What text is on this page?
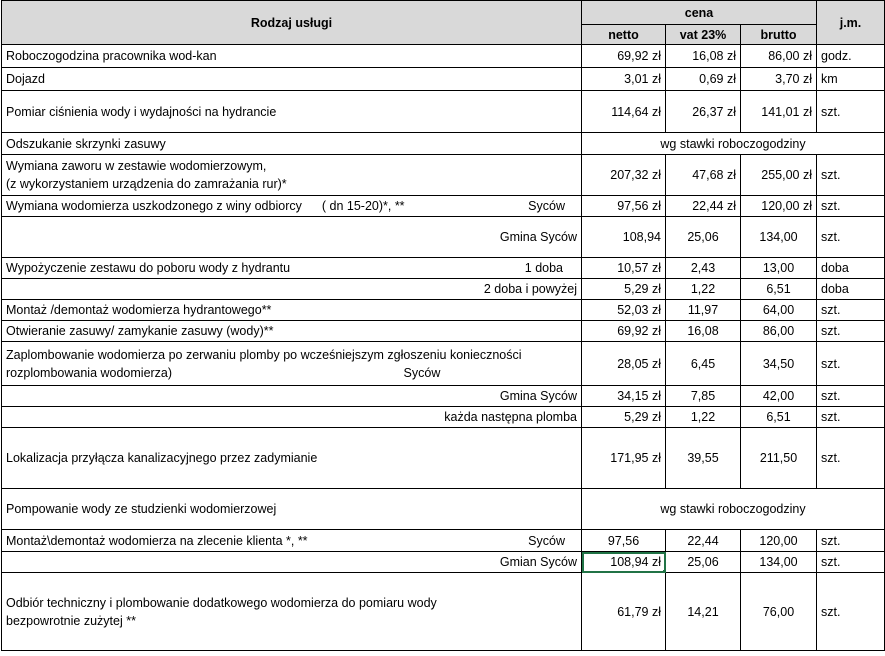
Rodzaj usługi	cena			j.m.
	netto	vat 23%	brutto	
Roboczogodzina pracownika wod-kan	69,92 zł	16,08 zł	86,00 zł	godz.
Dojazd	3,01 zł	0,69 zł	3,70 zł	km
Pomiar ciśnienia wody i wydajności na hydrancie	114,64 zł	26,37 zł	141,01 zł	szt.
Odszukanie skrzynki zasuwy	wg stawki roboczogodziny			
Wymiana zaworu w zestawie wodomierzowym,
(z wykorzystaniem urządzenia do zamrażania rur)*	207,32 zł	47,68 zł	255,00 zł	szt.

Wymiana wodomierza uszkodzonego z winy odbiorcy ( dn 15-20)*, ** Syców	97,56 zł	22,44 zł	120,00 zł	szt.
Gmina Syców	108,94	25,06	134,00	szt.

Wypożyczenie zestawu do poboru wody z hydrantu 1 doba	10,57 zł	2,43	13,00	doba
2 doba i powyżej	5,29 zł	1,22	6,51	doba
Montaż /demontaż wodomierza hydrantowego**	52,03 zł	11,97	64,00	szt.
Otwieranie zasuwy/ zamykanie zasuwy (wody)**	69,92 zł	16,08	86,00	szt.
Zaplombowanie wodomierza po zerwaniu plomby po wcześniejszym zgłoszeniu konieczności
rozplombowania wodomierza) Syców	28,05 zł	6,45	34,50	szt.
Gmina Syców	34,15 zł	7,85	42,00	szt.
każda następna plomba	5,29 zł	1,22	6,51	szt.
Lokalizacja przyłącza kanalizacyjnego przez zadymianie	171,95 zł	39,55	211,50	szt.
Pompowanie wody ze studzienki wodomierzowej	wg stawki roboczogodziny			

Montaż\demontaż wodomierza na zlecenie klienta *, ** Syców	97,56	22,44	120,00	szt.
Gmian Syców	108,94 zł	25,06	134,00	szt.
Odbiór techniczny i plombowanie dodatkowego wodomierza do pomiaru wody
bezpowrotnie zużytej **	61,79 zł	14,21	76,00	szt.
